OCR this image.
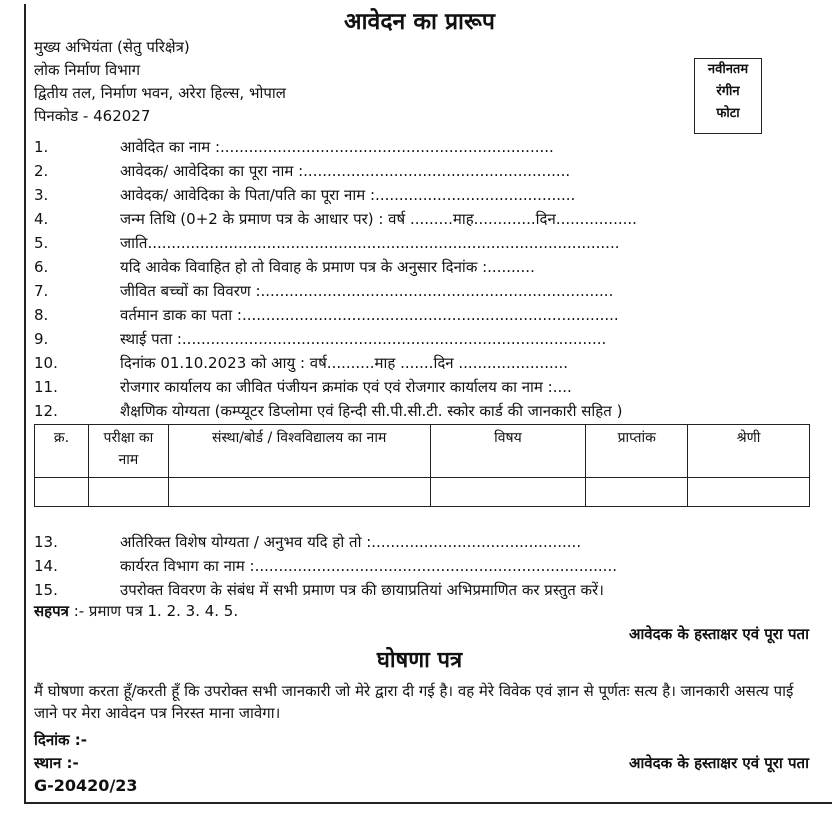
आवेदन का प्रारूप
मुख्य अभियंता (सेतु परिक्षेत्र)
लोक निर्माण विभाग
द्वितीय तल, निर्माण भवन, अरेरा हिल्स, भोपाल
पिनकोड - 462027
नवीनतम
रंगीन
फोटा
1.	आवेदित का नाम :......................................................................
2.	आवेदक/ आवेदिका का पूरा नाम :........................................................
3.	आवेदक/ आवेदिका के पिता/पति का पूरा नाम :..........................................
4.	जन्म तिथि (0+2 के प्रमाण पत्र के आधार पर) : वर्ष .........माह.............दिन.................
5.	जाति...................................................................................................
6.	यदि आवेक विवाहित हो तो विवाह के प्रमाण पत्र के अनुसार दिनांक :..........
7.	जीवित बच्चों का विवरण :..........................................................................
8.	वर्तमान डाक का पता :...............................................................................
9.	स्थाई पता :.........................................................................................
10.	दिनांक 01.10.2023 को आयु : वर्ष..........माह .......दिन .......................
11.	रोजगार कार्यालय का जीवित पंजीयन क्रमांक एवं एवं रोजगार कार्यालय का नाम :....
12.	शैक्षणिक योग्यता (कम्प्यूटर डिप्लोमा एवं हिन्दी सी.पी.सी.टी. स्कोर कार्ड की जानकारी सहित )
क्र.	परीक्षा का नाम	संस्था/बोर्ड / विश्वविद्यालय का नाम	विषय	प्राप्तांक	श्रेणी

13.	अतिरिक्त विशेष योग्यता / अनुभव यदि हो तो :............................................
14.	कार्यरत विभाग का नाम :............................................................................
15.	उपरोक्त विवरण के संबंध में सभी प्रमाण पत्र की छायाप्रतियां अभिप्रमाणित कर प्रस्तुत करें।
सहपत्र :- प्रमाण पत्र 1. 2. 3. 4. 5.
आवेदक के हस्ताक्षर एवं पूरा पता
घोषणा पत्र
मैं घोषणा करता हूँ/करती हूँ कि उपरोक्त सभी जानकारी जो मेरे द्वारा दी गई है। वह मेरे विवेक एवं ज्ञान से पूर्णतः सत्य है। जानकारी असत्य पाई जाने पर मेरा आवेदन पत्र निरस्त माना जावेगा।
दिनांक :-
स्थान :-	आवेदक के हस्ताक्षर एवं पूरा पता
G-20420/23
